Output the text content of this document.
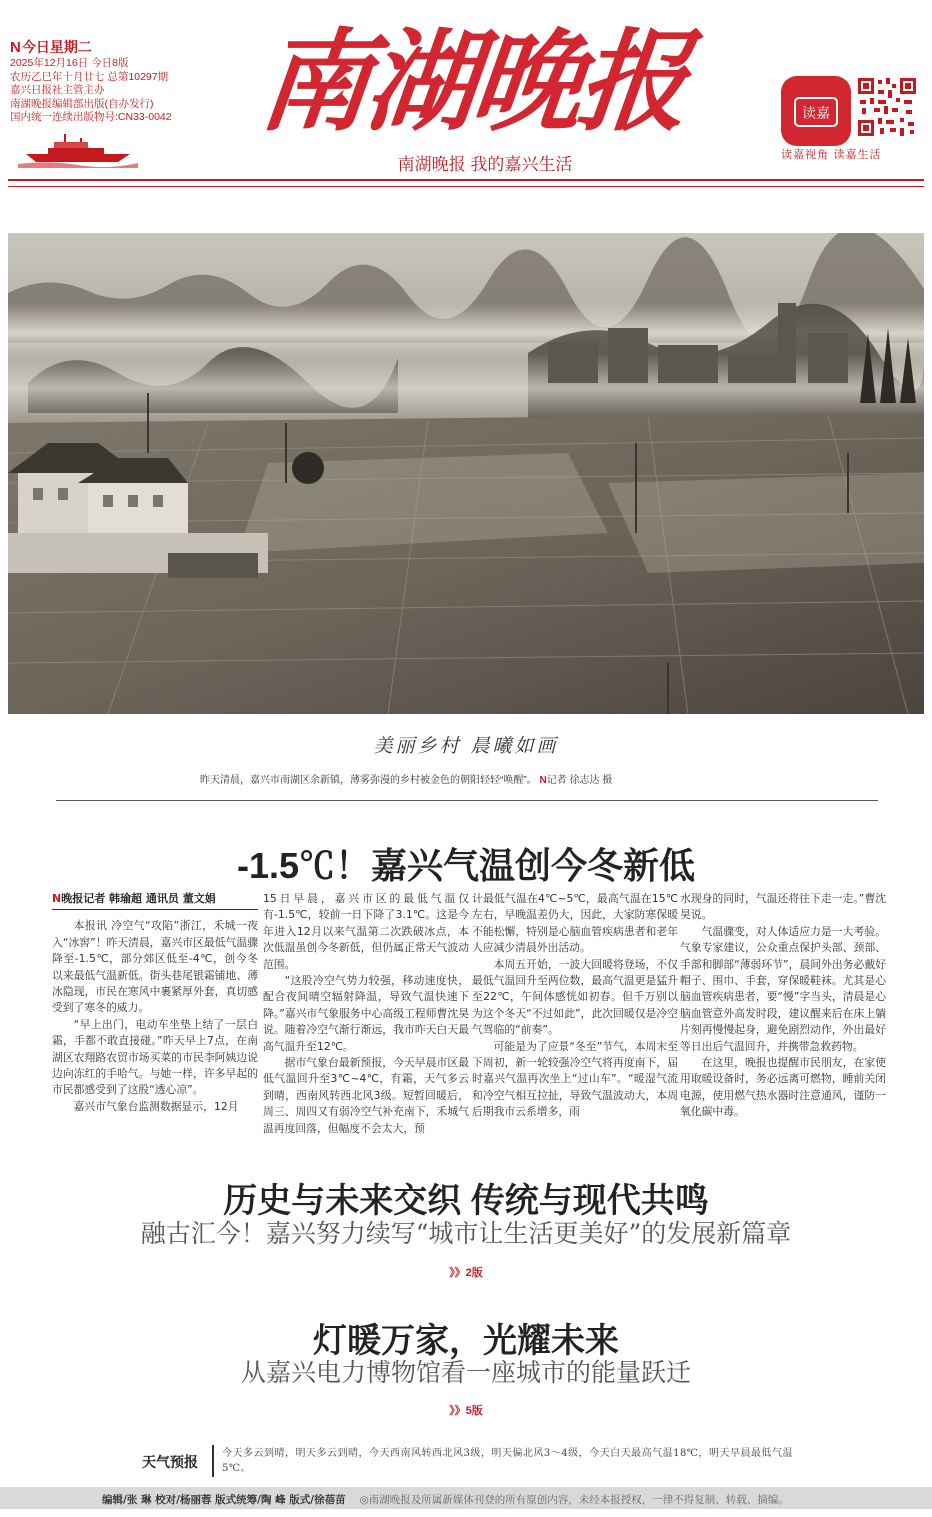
N今日星期二
2025年12月16日 今日8版
农历乙巳年十月廿七 总第10297期
嘉兴日报社主管主办
南湖晚报编辑部出版(自办发行)
国内统一连续出版物号:CN33-0042 南湖晚报
南湖晚报 我的嘉兴生活
读嘉
读嘉视角 读嘉生活
美丽乡村 晨曦如画
昨天清晨，嘉兴市南湖区余新镇，薄雾弥漫的乡村被金色的朝阳轻轻“唤醒”。 N记者 徐志达 摄
-1.5℃！嘉兴气温创今冬新低
N晚报记者 韩瑜超 通讯员 董文娟

本报讯 冷空气“攻陷”浙江，禾城一夜入“冰窖”！昨天清晨，嘉兴市区最低气温骤降至-1.5℃，部分郊区低至-4℃，创今冬以来最低气温新低。街头巷尾银霜铺地、薄冰隐现，市民在寒风中裹紧厚外套，真切感受到了寒冬的威力。

“早上出门，电动车坐垫上结了一层白霜，手都不敢直接碰。”昨天早上7点，在南湖区农翔路农贸市场买菜的市民李阿姨边说边向冻红的手哈气。与她一样，许多早起的市民都感受到了这股“透心凉”。

嘉兴市气象台监测数据显示，12月

15日早晨，嘉兴市区的最低气温仅有-1.5℃，较前一日下降了3.1℃。这是今年进入12月以来气温第二次跌破冰点，本次低温虽创今冬新低，但仍属正常天气波动范围。

“这股冷空气势力较强，移动速度快，配合夜间晴空辐射降温，导致气温快速下降。”嘉兴市气象服务中心高级工程师曹沈昊说。随着冷空气渐行渐远，我市昨天白天最高气温升至12℃。

据市气象台最新预报，今天早晨市区最低气温回升至3℃~4℃，有霜，天气多云到晴，西南风转西北风3级。短暂回暖后，周三、周四又有弱冷空气补充南下，禾城气温再度回落，但幅度不会太大，预

计最低气温在4℃~5℃，最高气温在15℃左右，早晚温差仍大，因此，大家防寒保暖不能松懈，特别是心脑血管疾病患者和老年人应减少清晨外出活动。

本周五开始，一波大回暖将登场，不仅最低气温回升至两位数，最高气温更是猛升至22℃，午间体感恍如初春。但千万别以为这个冬天“不过如此”，此次回暖仅是冷空气驾临的“前奏”。

可能是为了应景“冬至”节气，本周末至下周初，新一轮较强冷空气将再度南下，届时嘉兴气温再次坐上“过山车”。“暖湿气流和冷空气相互拉扯，导致气温波动大，本周后期我市云系增多，雨

水现身的同时，气温还将往下走一走。”曹沈昊说。

气温骤变，对人体适应力是一大考验。气象专家建议，公众重点保护头部、颈部、手部和脚部“薄弱环节”，晨间外出务必戴好帽子、围巾、手套，穿保暖鞋袜。尤其是心脑血管疾病患者，要“慢”字当头，清晨是心脑血管意外高发时段，建议醒来后在床上躺片刻再慢慢起身，避免剧烈动作，外出最好等日出后气温回升，并携带急救药物。

在这里，晚报也提醒市民朋友，在家使用取暖设备时，务必远离可燃物，睡前关闭电源，使用燃气热水器时注意通风，谨防一氧化碳中毒。

历史与未来交织 传统与现代共鸣
融古汇今！嘉兴努力续写“城市让生活更美好”的发展新篇章
》》2版
灯暖万家，光耀未来
从嘉兴电力博物馆看一座城市的能量跃迁
》》5版
天气预报
今天多云到晴，明天多云到晴，今天西南风转西北风3级，明天偏北风3～4级，今天白天最高气温18℃，明天早晨最低气温5℃。
编辑/张 琳 校对/杨丽蓉 版式统筹/陶 峰 版式/徐蓓苗 ◎南湖晚报及所属新媒体刊登的所有原创内容，未经本报授权，一律不得复制、转载、摘编。
